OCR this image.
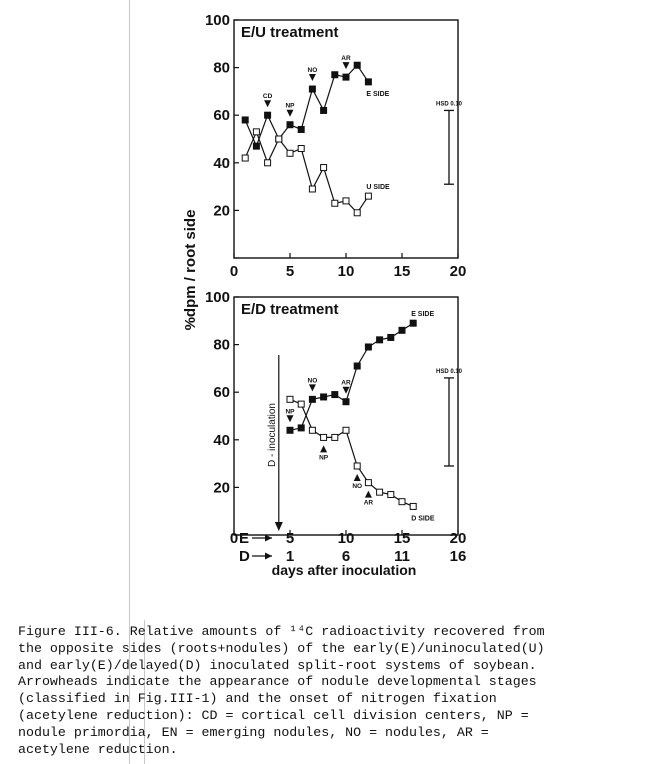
20
40
60
80
100
0	5	10	15	20
E/U treatment
HSD 0.10
E SIDE
U SIDE
CD
NP
NO
AR
20
40
60
80
100
0	5	10	15	20
1	6	11	16
E
D
E/D treatment
HSD 0.10
E SIDE
D SIDE
NP
NO	AR
NP
NO
AR
D - inoculation
%dpm / root side
days after inoculation
Figure III-6. Relative amounts of ¹⁴C radioactivity recovered from
the opposite sides (roots+nodules) of the early(E)/uninoculated(U)
and early(E)/delayed(D) inoculated split-root systems of soybean.
Arrowheads indicate the appearance of nodule developmental stages
(classified in Fig.III-1) and the onset of nitrogen fixation
(acetylene reduction): CD = cortical cell division centers, NP =
nodule primordia, EN = emerging nodules, NO = nodules, AR =
acetylene reduction.
